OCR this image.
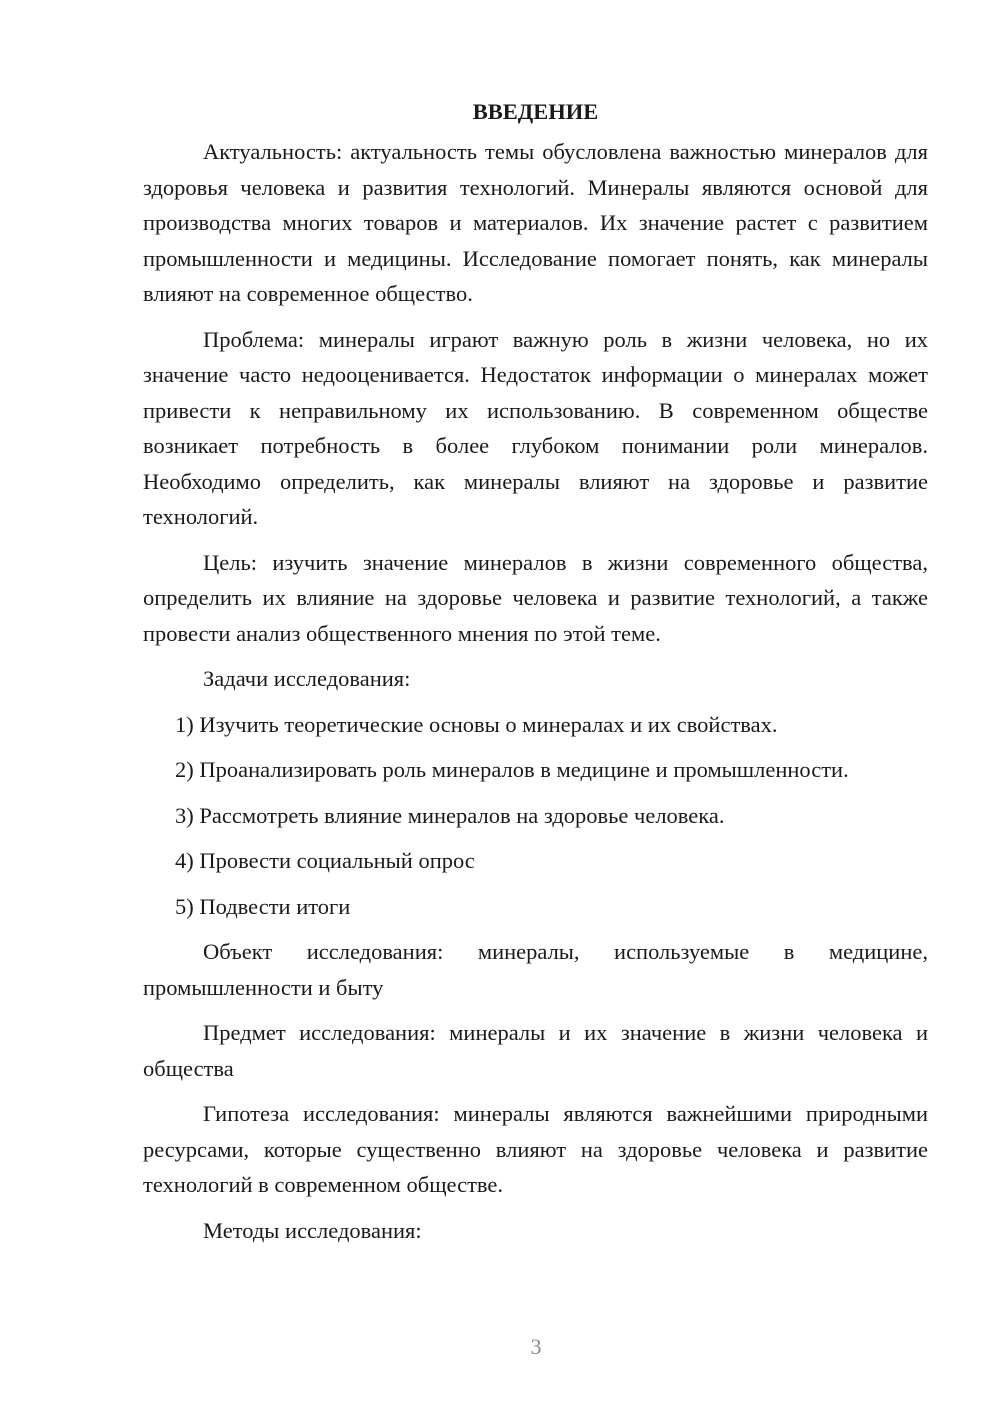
ВВЕДЕНИЕ

Актуальность: актуальность темы обусловлена важностью минералов для здоровья человека и развития технологий. Минералы являются основой для производства многих товаров и материалов. Их значение растет с развитием промышленности и медицины. Исследование помогает понять, как минералы влияют на современное общество.

Проблема: минералы играют важную роль в жизни человека, но их значение часто недооценивается. Недостаток информации о минералах может привести к неправильному их использованию. В современном обществе возникает потребность в более глубоком понимании роли минералов. Необходимо определить, как минералы влияют на здоровье и развитие технологий.

Цель: изучить значение минералов в жизни современного общества, определить их влияние на здоровье человека и развитие технологий, а также провести анализ общественного мнения по этой теме.

Задачи исследования:

1) Изучить теоретические основы о минералах и их свойствах.

2) Проанализировать роль минералов в медицине и промышленности.

3) Рассмотреть влияние минералов на здоровье человека.

4) Провести социальный опрос

5) Подвести итоги

Объект исследования: минералы, используемые в медицине, промышленности и быту

Предмет исследования: минералы и их значение в жизни человека и общества

Гипотеза исследования: минералы являются важнейшими природными ресурсами, которые существенно влияют на здоровье человека и развитие технологий в современном обществе.

Методы исследования:

3
